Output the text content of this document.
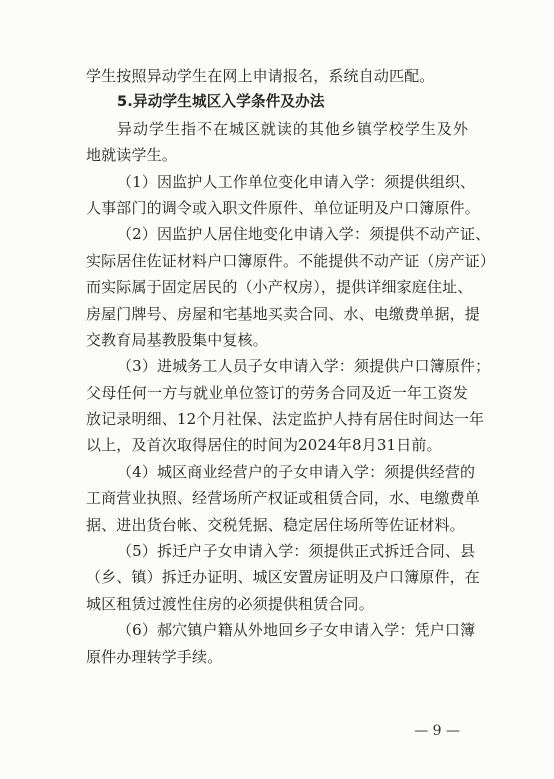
学生按照异动学生在网上申请报名，系统自动匹配。
5.异动学生城区入学条件及办法
异动学生指不在城区就读的其他乡镇学校学生及外
地就读学生。
（1）因监护人工作单位变化申请入学：须提供组织、
人事部门的调令或入职文件原件、单位证明及户口簿原件。
（2）因监护人居住地变化申请入学：须提供不动产证、
实际居住佐证材料户口簿原件。不能提供不动产证（房产证）
而实际属于固定居民的（小产权房），提供详细家庭住址、
房屋门牌号、房屋和宅基地买卖合同、水、电缴费单据，提
交教育局基教股集中复核。
（3）进城务工人员子女申请入学：须提供户口簿原件；
父母任何一方与就业单位签订的劳务合同及近一年工资发
放记录明细、12个月社保、法定监护人持有居住时间达一年
以上，及首次取得居住的时间为2024年8月31日前。
（4）城区商业经营户的子女申请入学：须提供经营的
工商营业执照、经营场所产权证或租赁合同，水、电缴费单
据、进出货台帐、交税凭据、稳定居住场所等佐证材料。
（5）拆迁户子女申请入学：须提供正式拆迁合同、县
（乡、镇）拆迁办证明、城区安置房证明及户口簿原件，在
城区租赁过渡性住房的必须提供租赁合同。
（6）郝穴镇户籍从外地回乡子女申请入学：凭户口簿
原件办理转学手续。
— 9 —
